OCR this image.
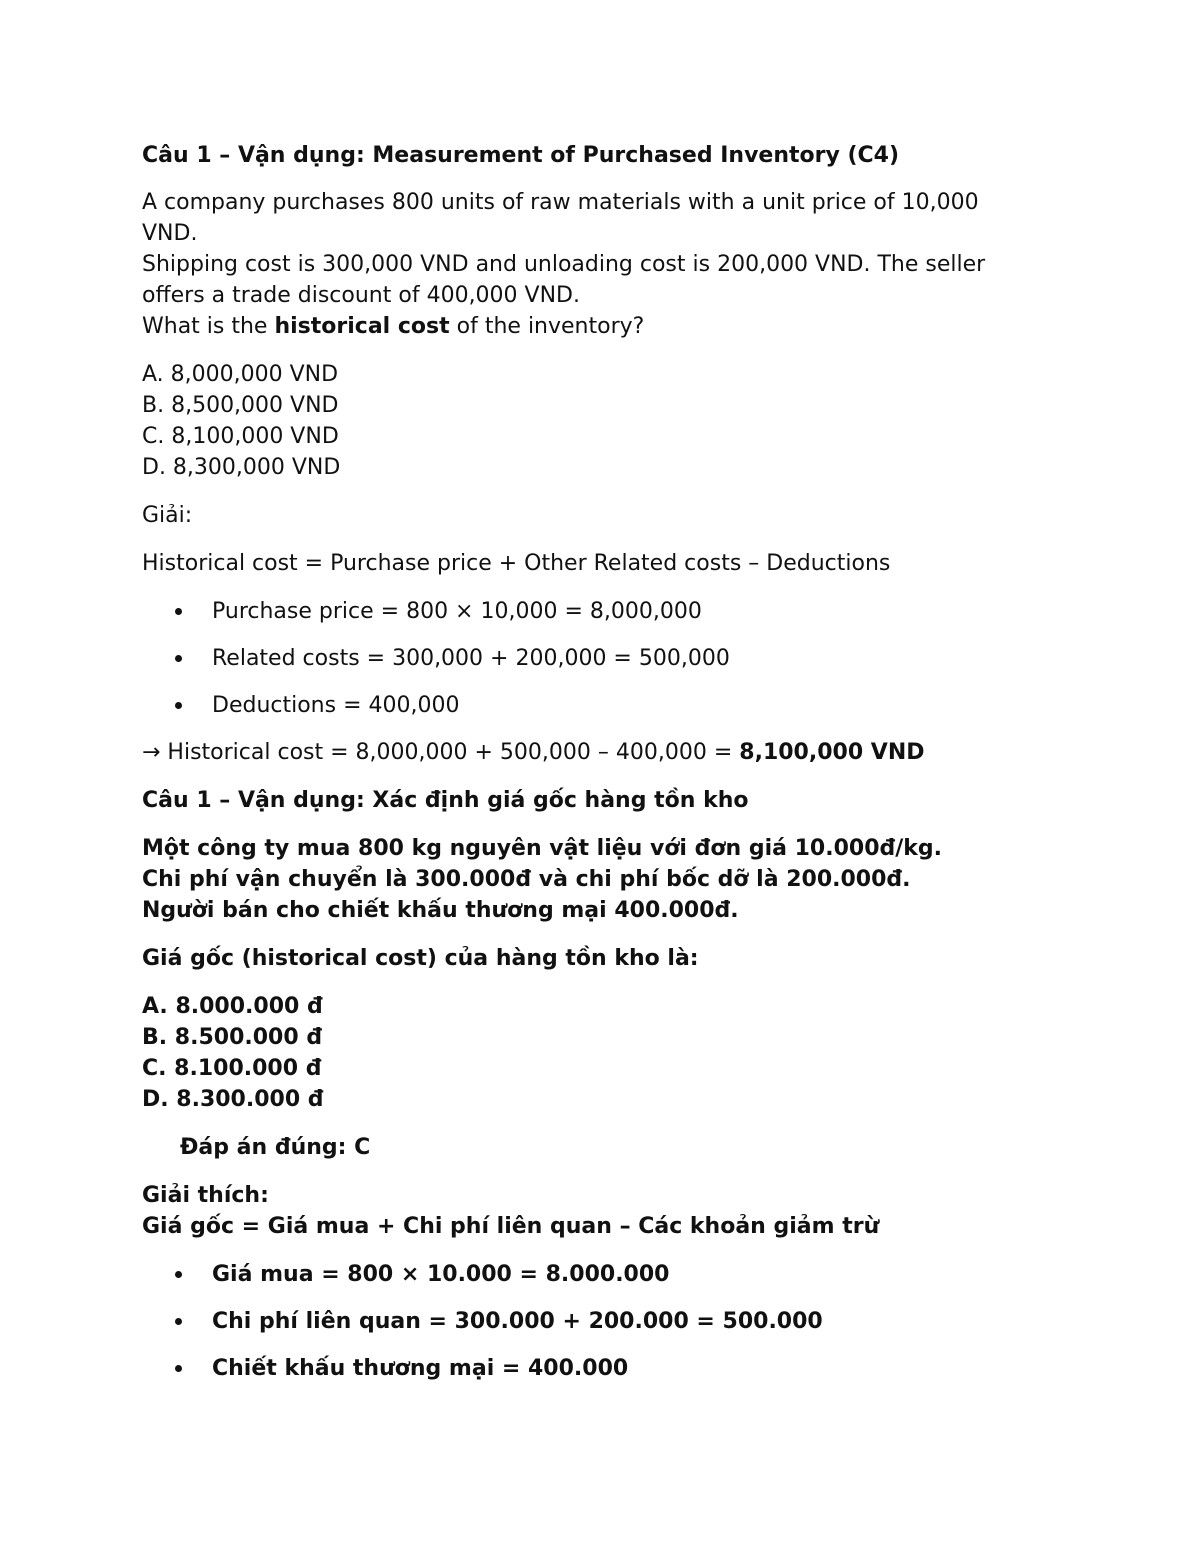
Câu 1 – Vận dụng: Measurement of Purchased Inventory (C4)
A company purchases 800 units of raw materials with a unit price of 10,000
VND.
Shipping cost is 300,000 VND and unloading cost is 200,000 VND. The seller
offers a trade discount of 400,000 VND.
What is the historical cost of the inventory?
A. 8,000,000 VND
B. 8,500,000 VND
C. 8,100,000 VND
D. 8,300,000 VND
Giải:
Historical cost = Purchase price + Other Related costs – Deductions
Purchase price = 800 × 10,000 = 8,000,000
Related costs = 300,000 + 200,000 = 500,000
Deductions = 400,000
→ Historical cost = 8,000,000 + 500,000 – 400,000 = 8,100,000 VND
Câu 1 – Vận dụng: Xác định giá gốc hàng tồn kho
Một công ty mua 800 kg nguyên vật liệu với đơn giá 10.000đ/kg.
Chi phí vận chuyển là 300.000đ và chi phí bốc dỡ là 200.000đ.
Người bán cho chiết khấu thương mại 400.000đ.
Giá gốc (historical cost) của hàng tồn kho là:
A. 8.000.000 đ
B. 8.500.000 đ
C. 8.100.000 đ
D. 8.300.000 đ
Đáp án đúng: C
Giải thích:
Giá gốc = Giá mua + Chi phí liên quan – Các khoản giảm trừ
Giá mua = 800 × 10.000 = 8.000.000
Chi phí liên quan = 300.000 + 200.000 = 500.000
Chiết khấu thương mại = 400.000
